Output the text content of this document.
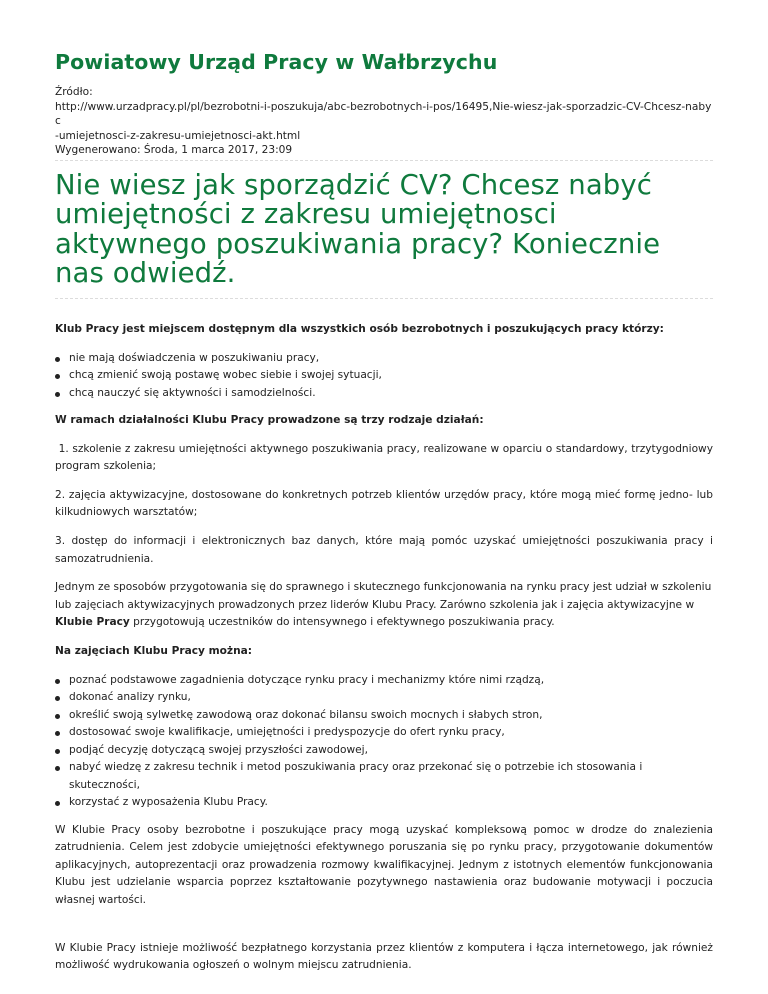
Powiatowy Urząd Pracy w Wałbrzychu
Źródło:
http://www.urzadpracy.pl/pl/bezrobotni-i-poszukuja/abc-bezrobotnych-i-pos/16495,Nie-wiesz-jak-sporzadzic-CV-Chcesz-nabyc
-umiejetnosci-z-zakresu-umiejetnosci-akt.html
Wygenerowano: Środa, 1 marca 2017, 23:09
Nie wiesz jak sporządzić CV? Chcesz nabyć umiejętności z zakresu umiejętnosci aktywnego poszukiwania pracy? Koniecznie nas odwiedź.

Klub Pracy jest miejscem dostępnym dla wszystkich osób bezrobotnych i poszukujących pracy którzy:

nie mają doświadczenia w poszukiwaniu pracy,
chcą zmienić swoją postawę wobec siebie i swojej sytuacji,
chcą nauczyć się aktywności i samodzielności.

W ramach działalności Klubu Pracy prowadzone są trzy rodzaje działań:

1. szkolenie z zakresu umiejętności aktywnego poszukiwania pracy, realizowane w oparciu o standardowy, trzytygodniowy program szkolenia;

2. zajęcia aktywizacyjne, dostosowane do konkretnych potrzeb klientów urzędów pracy, które mogą mieć formę jedno- lub kilkudniowych warsztatów;

3. dostęp do informacji i elektronicznych baz danych, które mają pomóc uzyskać umiejętności poszukiwania pracy i samozatrudnienia.

Jednym ze sposobów przygotowania się do sprawnego i skutecznego funkcjonowania na rynku pracy jest udział w szkoleniu lub zajęciach aktywizacyjnych prowadzonych przez liderów Klubu Pracy. Zarówno szkolenia jak i zajęcia aktywizacyjne w Klubie Pracy przygotowują uczestników do intensywnego i efektywnego poszukiwania pracy.

Na zajęciach Klubu Pracy można:

poznać podstawowe zagadnienia dotyczące rynku pracy i mechanizmy które nimi rządzą,
dokonać analizy rynku,
określić swoją sylwetkę zawodową oraz dokonać bilansu swoich mocnych i słabych stron,
dostosować swoje kwalifikacje, umiejętności i predyspozycje do ofert rynku pracy,
podjąć decyzję dotyczącą swojej przyszłości zawodowej,
nabyć wiedzę z zakresu technik i metod poszukiwania pracy oraz przekonać się o potrzebie ich stosowania i skuteczności,
korzystać z wyposażenia Klubu Pracy.

W Klubie Pracy osoby bezrobotne i poszukujące pracy mogą uzyskać kompleksową pomoc w drodze do znalezienia zatrudnienia. Celem jest zdobycie umiejętności efektywnego poruszania się po rynku pracy, przygotowanie dokumentów aplikacyjnych, autoprezentacji oraz prowadzenia rozmowy kwalifikacyjnej. Jednym z istotnych elementów funkcjonowania Klubu jest udzielanie wsparcia poprzez kształtowanie pozytywnego nastawienia oraz budowanie motywacji i poczucia własnej wartości.

W Klubie Pracy istnieje możliwość bezpłatnego korzystania przez klientów z komputera i łącza internetowego, jak również możliwość wydrukowania ogłoszeń o wolnym miejscu zatrudnienia.
